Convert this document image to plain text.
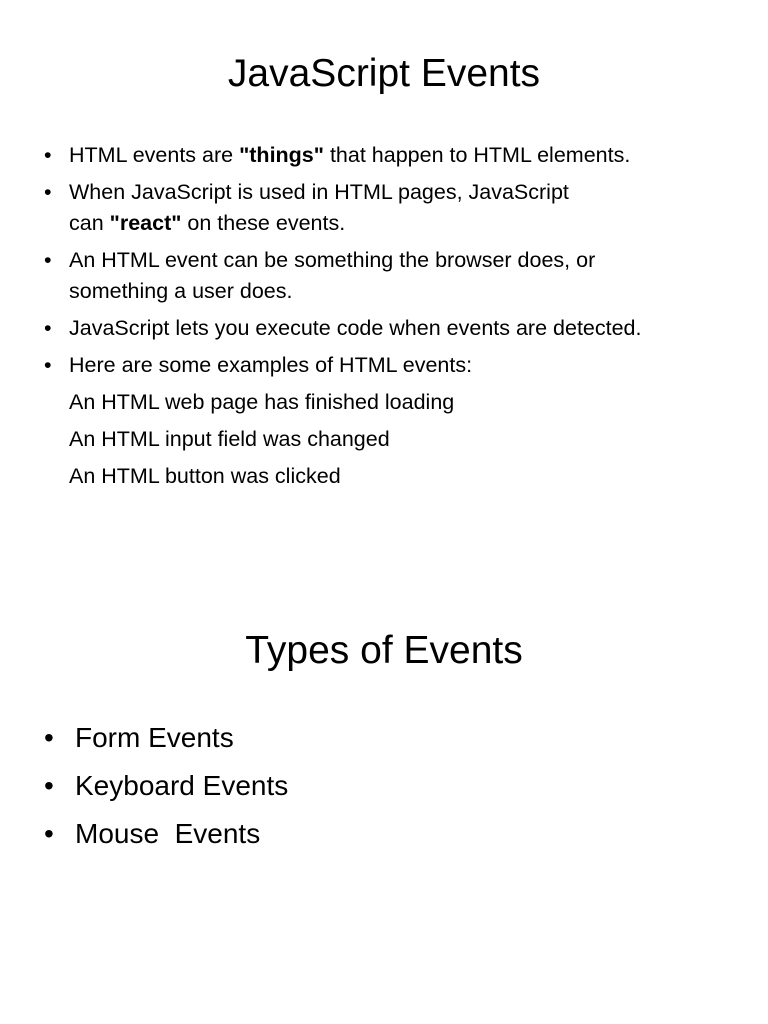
JavaScript Events
• HTML events are "things" that happen to HTML elements.
• When JavaScript is used in HTML pages, JavaScript
can "react" on these events.
• An HTML event can be something the browser does, or
something a user does.
• JavaScript lets you execute code when events are detected.
• Here are some examples of HTML events:
An HTML web page has finished loading
An HTML input field was changed
An HTML button was clicked
Types of Events
• Form Events
• Keyboard Events
• Mouse  Events
